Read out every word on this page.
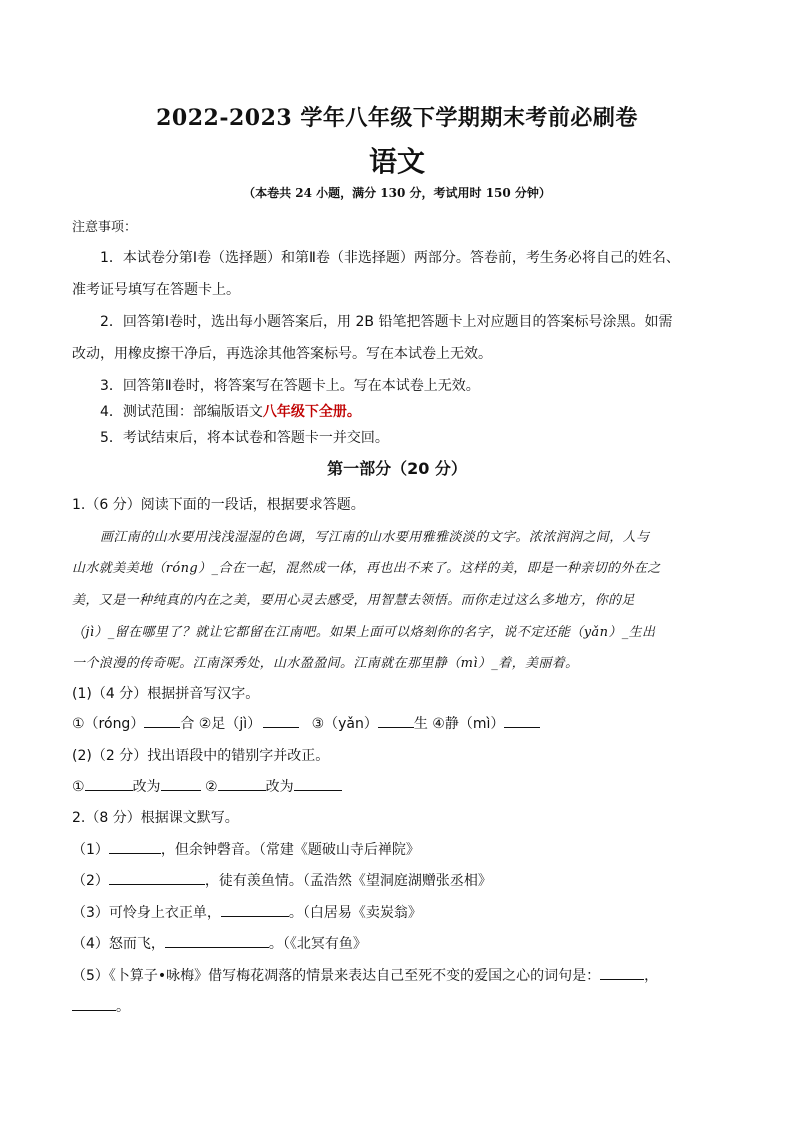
2022-2023 学年八年级下学期期末考前必刷卷
语文
（本卷共 24 小题，满分 130 分，考试用时 150 分钟）
注意事项：
1．本试卷分第Ⅰ卷（选择题）和第Ⅱ卷（非选择题）两部分。答卷前，考生务必将自己的姓名、
准考证号填写在答题卡上。
2．回答第Ⅰ卷时，选出每小题答案后，用 2B 铅笔把答题卡上对应题目的答案标号涂黑。如需
改动，用橡皮擦干净后，再选涂其他答案标号。写在本试卷上无效。
3．回答第Ⅱ卷时，将答案写在答题卡上。写在本试卷上无效。
4．测试范围：部编版语文八年级下全册。
5．考试结束后，将本试卷和答题卡一并交回。
第一部分（20 分）
1.（6 分）阅读下面的一段话，根据要求答题。
画江南的山水要用浅浅湿湿的色调，写江南的山水要用雅雅淡淡的文字。浓浓润润之间，人与
山水就美美地（róng）_合在一起，混然成一体，再也出不来了。这样的美，即是一种亲切的外在之
美，又是一种纯真的内在之美，要用心灵去感受，用智慧去领悟。而你走过这么多地方，你的足
（jì）_留在哪里了？就让它都留在江南吧。如果上面可以烙刻你的名字，说不定还能（yǎn）_生出
一个浪漫的传奇呢。江南深秀处，山水盈盈间。江南就在那里静（mì）_着，美丽着。
(1)（4 分）根据拼音写汉字。
①（róng）	合 ②足（jì）	③（yǎn）	生 ④静（mì）
(2)（2 分）找出语段中的错别字并改正。
①	改为	②	改为
2.（8 分）根据课文默写。
（1）	，但余钟磬音。（常建《题破山寺后禅院》
（2）	，徒有羡鱼情。（孟浩然《望洞庭湖赠张丞相》
（3）可怜身上衣正单，	。（白居易《卖炭翁》
（4）怒而飞，	。（《北冥有鱼》
（5）《卜算子•咏梅》借写梅花凋落的情景来表达自己至死不变的爱国之心的词句是：	，
。
